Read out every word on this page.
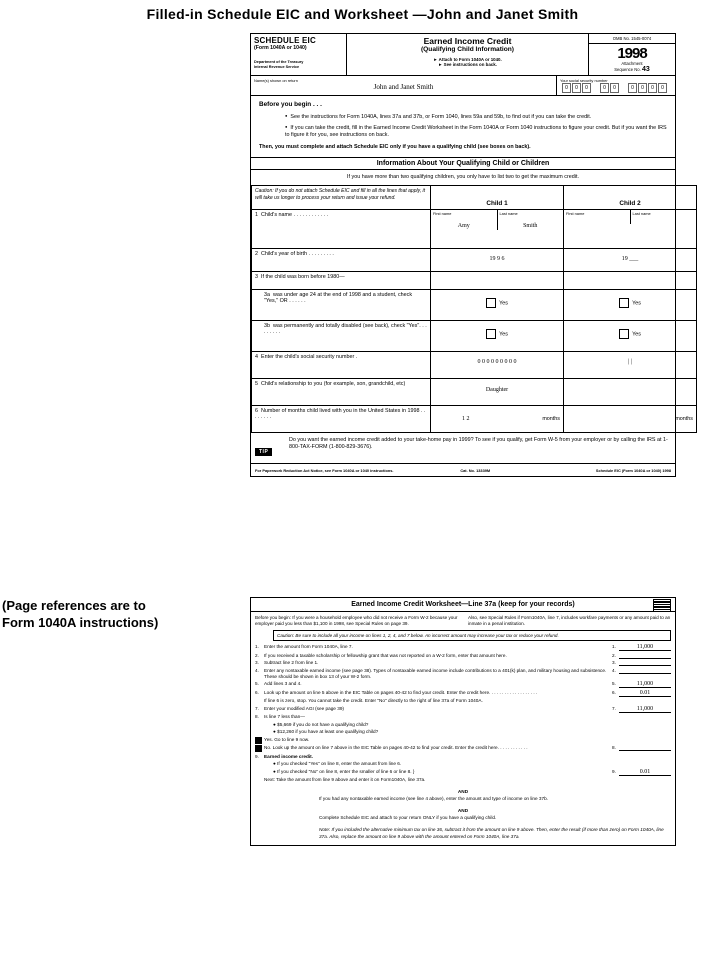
Filled-in Schedule EIC and Worksheet —John and Janet Smith
(Page references are to Form 1040A instructions)
SCHEDULE EIC
(Form 1040A or 1040)
Department of the Treasury
Internal Revenue Service
Earned Income Credit
(Qualifying Child Information)
► Attach to Form 1040A or 1040.
► See instructions on back.
OMB No. 1545-0074
1998
Attachment
Sequence No. 43
Name(s) shown on return
John and Janet Smith
Your social security number
0	0	0	0	0	0	0	0	0
Before you begin . . .
● See the instructions for Form 1040A, lines 37a and 37b, or Form 1040, lines 59a and 59b, to find out if you can take the credit.
● If you can take the credit, fill in the Earned Income Credit Worksheet in the Form 1040A or Form 1040 instructions to figure your credit. But if you want the IRS to figure it for you, see instructions on back.
Then, you must complete and attach Schedule EIC only if you have a qualifying child (see boxes on back).
Information About Your Qualifying Child or Children
If you have more than two qualifying children, you only have to list two to get the maximum credit.
Caution: If you do not attach Schedule EIC and fill in all the lines that apply, it will take us longer to process your return and issue your refund.	Child 1	Child 2
1 Child's name . . . . . . . . . . . .	First name
Amy
Last name
Smith

First name	Last name

2 Child's year of birth . . . . . . . . .	19 9 6	19 ___
3 If the child was born before 1980—		

3a was under age 24 at the end of 1998 and a student, check "Yes," OR . . . . . .	Yes	Yes

3b was permanently and totally disabled (see back), check "Yes". . . . . . . . .	Yes	Yes
4 Enter the child's social security number .	0 0 0 0 0 0 0 0 0	| |
5 Child's relationship to you (for example, son, grandchild, etc)	Daughter	
6 Number of months child lived with you in the United States in 1998 . . . . . . . .	1 2 months	months
TIP
Do you want the earned income credit added to your take-home pay in 1999? To see if you qualify, get Form W-5 from your employer or by calling the IRS at 1-800-TAX-FORM (1-800-829-3676).
For Paperwork Reduction Act Notice, see Form 1040A or 1040 instructions.	Cat. No. 13339M	Schedule EIC (Form 1040A or 1040) 1998
Earned Income Credit Worksheet—Line 37a (keep for your records)
Before you begin: If you were a household employee who did not receive a Form W-2 because your employer paid you less than $1,100 in 1998, see Special Rules on page 39.
Also, see Special Rules if Form1040A, line 7, includes workfare payments or any amount paid to an inmate in a penal institution.
Caution: Be sure to include all your income on lines 1, 2, 4, and 7 below. An incorrect amount may increase your tax or reduce your refund.
1.	Enter the amount from Form 1040A, line 7.	1.	11,000
2.	If you received a taxable scholarship or fellowship grant that was not reported on a W-2 form, enter that amount here.	2.
3.	Subtract line 2 from line 1.	3.
4.	Enter any nontaxable earned income (see page 38). Types of nontaxable earned income include contributions to a 401(k) plan, and military housing and subsistence. These should be shown in box 13 of your W-2 form.
4.
5.	Add lines 3 and 4.	5.	11,000
6.	Look up the amount on line 5 above in the EIC Table on pages 40-42 to find your credit. Enter the credit here. . . . . . . . . . . . . . . . . . .	6.	0.01
If line 6 is zero, stop. You cannot take the credit. Enter "No" directly to the right of line 37a of Form 1040A.
7.	Enter your modified AGI (see page 39)	7.	11,000
8.	Is line 7 less than—
● $5,669 if you do not have a qualifying child?
● $12,260 if you have at least one qualifying child?
Yes. Go to line 9 now.
No. Look up the amount on line 7 above in the EIC Table on pages 40-42 to find your credit. Enter the credit here. . . . . . . . . . . .	8.
9.	Earned income credit.
● If you checked "Yes" on line 8, enter the amount from line 6.
● If you checked "No" on line 8, enter the smaller of line 6 or line 8. }	9.	0.01
Next: Take the amount from line 9 above and enter it on Form1040A, line 37a.
AND
If you had any nontaxable earned income (see line 4 above), enter the amount and type of income on line 37b.
AND
Complete Schedule EIC and attach to your return ONLY if you have a qualifying child.
Note: If you included the alternative minimum tax on line 36, subtract it from the amount on line 9 above. Then, enter the result (if more than zero) on Form 1040A, line 37a. Also, replace the amount on line 9 above with the amount entered on Form 1040A, line 37a.
